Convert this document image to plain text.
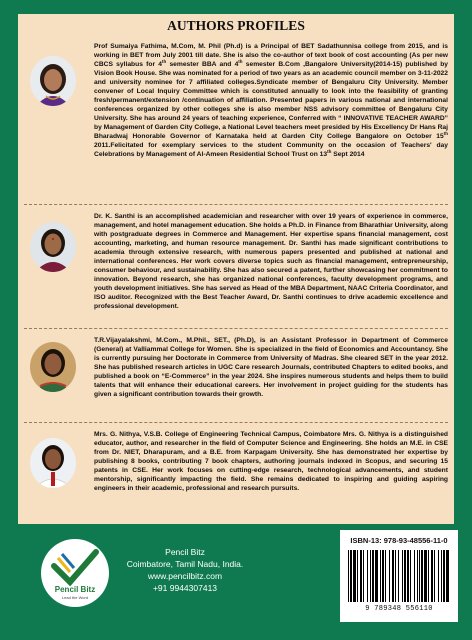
AUTHORS PROFILES

Prof Sumaiya Fathima, M.Com, M. Phil (Ph.d) is a Principal of BET Sadathunnisa college from 2015, and is working in BET from July 2001 till date. She is also the co-author of text book of cost accounting (As per new CBCS syllabus for 4th semester BBA and 4th semester B.Com ,Bangalore University(2014-15) published by Vision Book House. She was nominated for a period of two years as an academic council member on 3-11-2022 and university nominee for 7 affiliated colleges.Syndicate member of Bengaluru City University. Member convener of Local Inquiry Committee which is constituted annually to look into the feasibility of granting fresh/permanent/extension /continuation of affiliation. Presented papers in various national and international conferences organized by other colleges she is also member NSS advisory committee of Bengaluru City University. She has around 24 years of teaching experience, Conferred with “ INNOVATIVE TEACHER AWARD” by Management of Garden City College, a National Level teachers meet presided by His Excellency Dr Hans Raj Bharadwaj Honorable Governor of Karnataka held at Garden City College Bangalore on October 15th 2011.Felicitated for exemplary services to the student Community on the occasion of Teachers' day Celebrations by Management of Al-Ameen Residential School Trust on 13th Sept 2014

Dr. K. Santhi is an accomplished academician and researcher with over 19 years of experience in commerce, management, and hotel management education. She holds a Ph.D. in Finance from Bharathiar University, along with postgraduate degrees in Commerce and Management. Her expertise spans financial management, cost accounting, marketing, and human resource management. Dr. Santhi has made significant contributions to academia through extensive research, with numerous papers presented and published at national and international conferences. Her work covers diverse topics such as financial management, entrepreneurship, consumer behaviour, and sustainability. She has also secured a patent, further showcasing her commitment to innovation. Beyond research, she has organized national conferences, faculty development programs, and youth development initiatives. She has served as Head of the MBA Department, NAAC Criteria Coordinator, and ISO auditor. Recognized with the Best Teacher Award, Dr. Santhi continues to drive academic excellence and professional development.

T.R.Vijayalakshmi, M.Com., M.Phil., SET., (Ph.D), is an Assistant Professor in Department of Commerce (General) at Valliammal College for Women. She is specialized in the field of Economics and Accountancy. She is currently pursuing her Doctorate in Commerce from University of Madras. She cleared SET in the year 2012. She has published research articles in UGC Care research Journals, contributed Chapters to edited books, and published a book on “E-Commerce” in the year 2024. She inspires numerous students and helps them to build talents that will enhance their educational careers. Her involvement in project guiding for the students has given a significant contribution towards their growth.

Mrs. G. Nithya, V.S.B. College of Engineering Technical Campus, Coimbatore Mrs. G. Nithya is a distinguished educator, author, and researcher in the field of Computer Science and Engineering. She holds an M.E. in CSE from Dr. NIET, Dharapuram, and a B.E. from Karpagam University. She has demonstrated her expertise by publishing 8 books, contributing 7 book chapters, authoring journals indexed in Scopus, and securing 15 patents in CSE. Her work focuses on cutting-edge research, technological advancements, and student mentorship, significantly impacting the field. She remains dedicated to inspiring and guiding aspiring engineers in their academic, professional and research pursuits.

Pencil Bitz
Lead the Word
Pencil Bitz
Coimbatore, Tamil Nadu, India.
www.pencilbitz.com
+91 9944307413
ISBN-13: 978-93-48556-11-0
9 789348 556110
